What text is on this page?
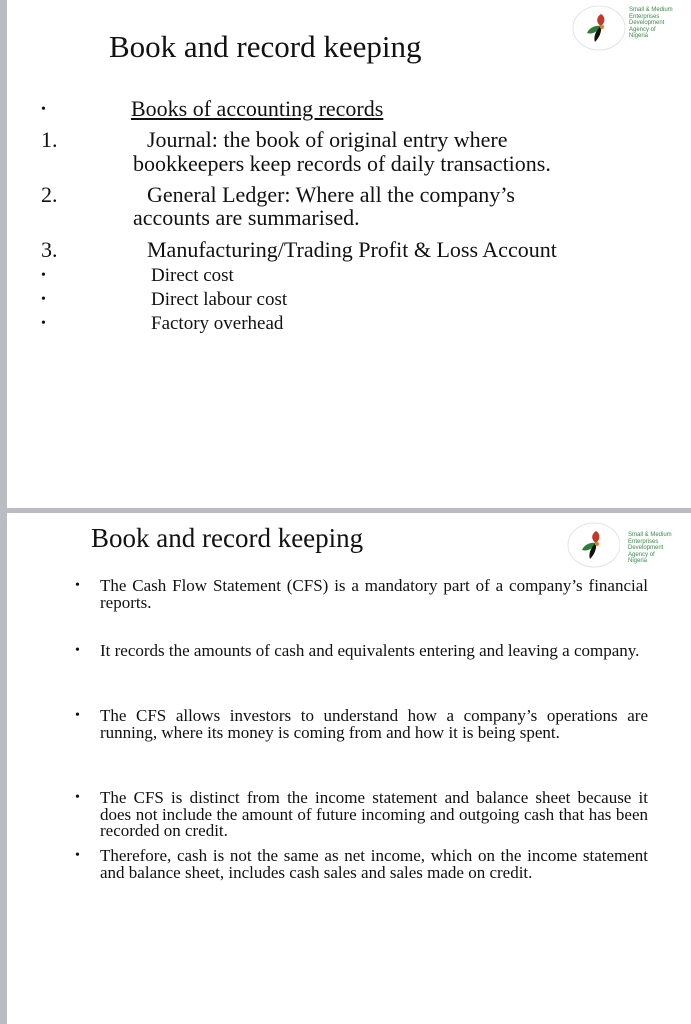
Book and record keeping
Small & Medium
Enterprises
Development
Agency of
Nigeria
•	Books of accounting records
1.	Journal: the book of original entry where
bookkeepers keep records of daily transactions.
2.	General Ledger: Where all the company’s
accounts are summarised.
3.	Manufacturing/Trading Profit & Loss Account
•	Direct cost
•	Direct labour cost
•	Factory overhead
Book and record keeping	Small & Medium
Enterprises
Development
Agency of
Nigeria
• The Cash Flow Statement (CFS) is a mandatory part of a company’s financial reports.
• It records the amounts of cash and equivalents entering and leaving a company.
• The CFS allows investors to understand how a company’s operations are running, where its money is coming from and how it is being spent.
• The CFS is distinct from the income statement and balance sheet because it does not include the amount of future incoming and outgoing cash that has been recorded on credit.
• Therefore, cash is not the same as net income, which on the income statement and balance sheet, includes cash sales and sales made on credit.
